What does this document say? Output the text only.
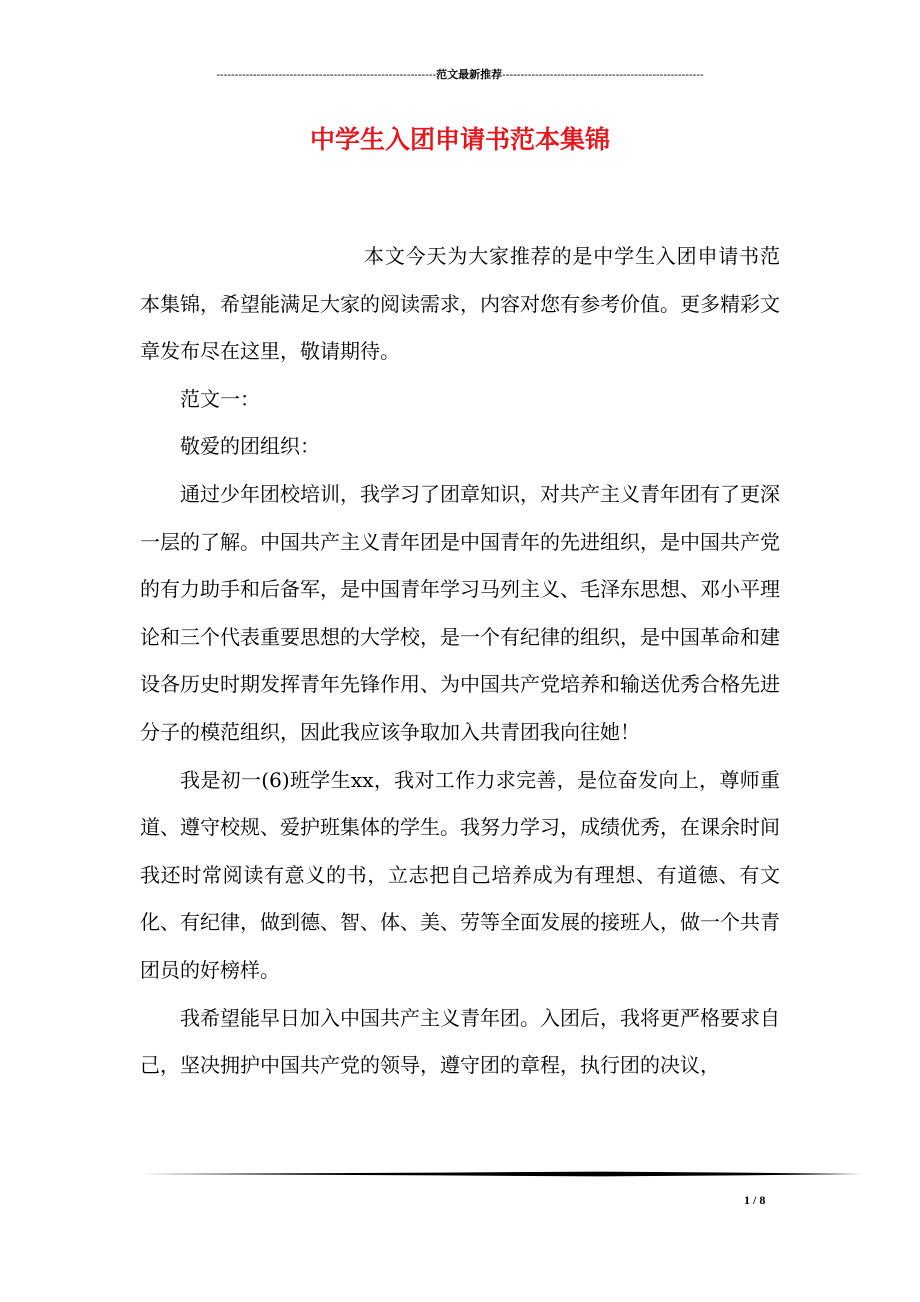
------------------------------------------------------------范文最新推荐-------------------------------------------------------
中学生入团申请书范本集锦

本文今天为大家推荐的是中学生入团申请书范本集锦，希望能满足大家的阅读需求，内容对您有参考价值。更多精彩文章发布尽在这里，敬请期待。

范文一：

敬爱的团组织：

通过少年团校培训，我学习了团章知识，对共产主义青年团有了更深一层的了解。中国共产主义青年团是中国青年的先进组织，是中国共产党的有力助手和后备军，是中国青年学习马列主义、毛泽东思想、邓小平理论和三个代表重要思想的大学校，是一个有纪律的组织，是中国革命和建设各历史时期发挥青年先锋作用、为中国共产党培养和输送优秀合格先进分子的模范组织，因此我应该争取加入共青团我向往她！

我是初一(6)班学生xx，我对工作力求完善，是位奋发向上，尊师重道、遵守校规、爱护班集体的学生。我努力学习，成绩优秀，在课余时间我还时常阅读有意义的书，立志把自己培养成为有理想、有道德、有文化、有纪律，做到德、智、体、美、劳等全面发展的接班人，做一个共青团员的好榜样。

我希望能早日加入中国共产主义青年团。入团后，我将更严格要求自己，坚决拥护中国共产党的领导，遵守团的章程，执行团的决议，

1 / 8
